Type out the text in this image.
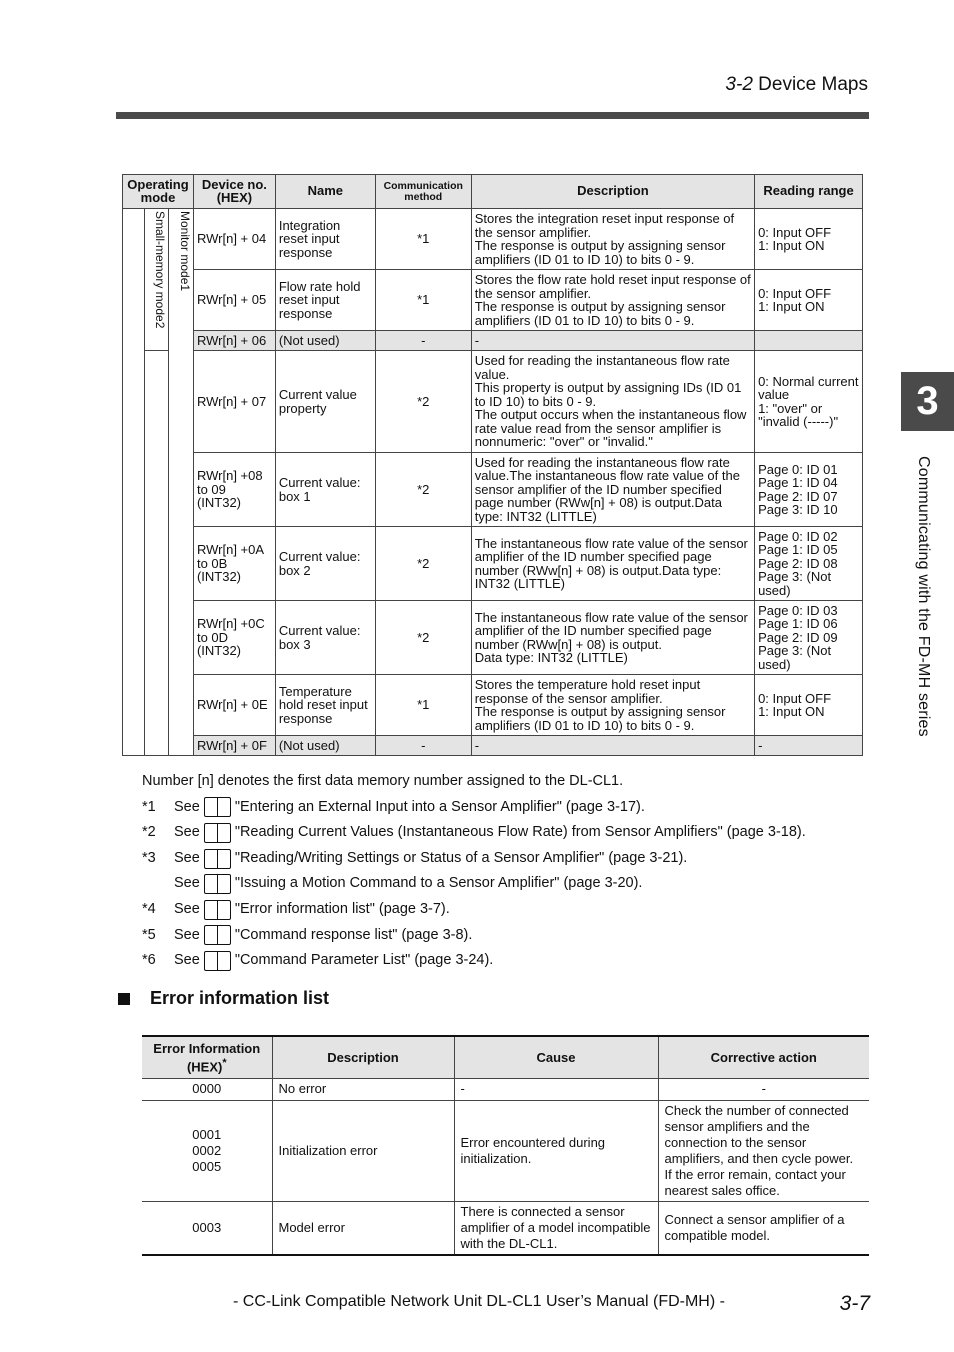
3-2 Device Maps
3
Communicating with the FD-MH series
Operating mode			Device no. (HEX)	Name	Communication method	Description	Reading range
	Small-memory mode2	Monitor mode1	RWr[n] + 04	Integration reset input response	*1	Stores the integration reset input response of the sensor amplifier.
The response is output by assigning sensor amplifiers (ID 01 to ID 10) to bits 0 - 9.	0: Input OFF
1: Input ON
			RWr[n] + 05	Flow rate hold reset input response	*1	Stores the flow rate hold reset input response of the sensor amplifier.
The response is output by assigning sensor amplifiers (ID 01 to ID 10) to bits 0 - 9.	0: Input OFF
1: Input ON
			RWr[n] + 06	(Not used)	-	-	
			RWr[n] + 07	Current value property	*2	Used for reading the instantaneous flow rate value.
This property is output by assigning IDs (ID 01 to ID 10) to bits 0 - 9.
The output occurs when the instantaneous flow rate value read from the sensor amplifier is nonnumeric: "over" or "invalid."	0: Normal current value
1: "over" or "invalid (-----)"
			RWr[n] +08 to 09 (INT32)	Current value: box 1	*2	Used for reading the instantaneous flow rate value.The instantaneous flow rate value of the sensor amplifier of the ID number specified page number (RWw[n] + 08) is output.Data type: INT32 (LITTLE)	Page 0: ID 01
Page 1: ID 04
Page 2: ID 07
Page 3: ID 10
			RWr[n] +0A to 0B (INT32)	Current value: box 2	*2	The instantaneous flow rate value of the sensor amplifier of the ID number specified page number (RWw[n] + 08) is output.Data type: INT32 (LITTLE)	Page 0: ID 02
Page 1: ID 05
Page 2: ID 08
Page 3: (Not used)
			RWr[n] +0C to 0D (INT32)	Current value: box 3	*2	The instantaneous flow rate value of the sensor amplifier of the ID number specified page number (RWw[n] + 08) is output.
Data type: INT32 (LITTLE)	Page 0: ID 03
Page 1: ID 06
Page 2: ID 09
Page 3: (Not used)
			RWr[n] + 0E	Temperature hold reset input response	*1	Stores the temperature hold reset input response of the sensor amplifier.
The response is output by assigning sensor amplifiers (ID 01 to ID 10) to bits 0 - 9.	0: Input OFF
1: Input ON
			RWr[n] + 0F	(Not used)	-	-	-
Number [n] denotes the first data memory number assigned to the DL-CL1.
*1	See "Entering an External Input into a Sensor Amplifier" (page 3-17).
*2	See "Reading Current Values (Instantaneous Flow Rate) from Sensor Amplifiers" (page 3-18).
*3	See "Reading/Writing Settings or Status of a Sensor Amplifier" (page 3-21).
See "Issuing a Motion Command to a Sensor Amplifier" (page 3-20).
*4	See "Error information list" (page 3-7).
*5	See "Command response list" (page 3-8).
*6	See "Command Parameter List" (page 3-24).
Error information list
Error Information (HEX)*	Description	Cause	Corrective action
0000	No error	-	-
0001
0002
0005	Initialization error	Error encountered during initialization.	Check the number of connected sensor amplifiers and the connection to the sensor amplifiers, and then cycle power. If the error remain, contact your nearest sales office.
0003	Model error	There is connected a sensor amplifier of a model incompatible with the DL-CL1.	Connect a sensor amplifier of a compatible model.
- CC-Link Compatible Network Unit DL-CL1 User’s Manual (FD-MH) -	3-7
